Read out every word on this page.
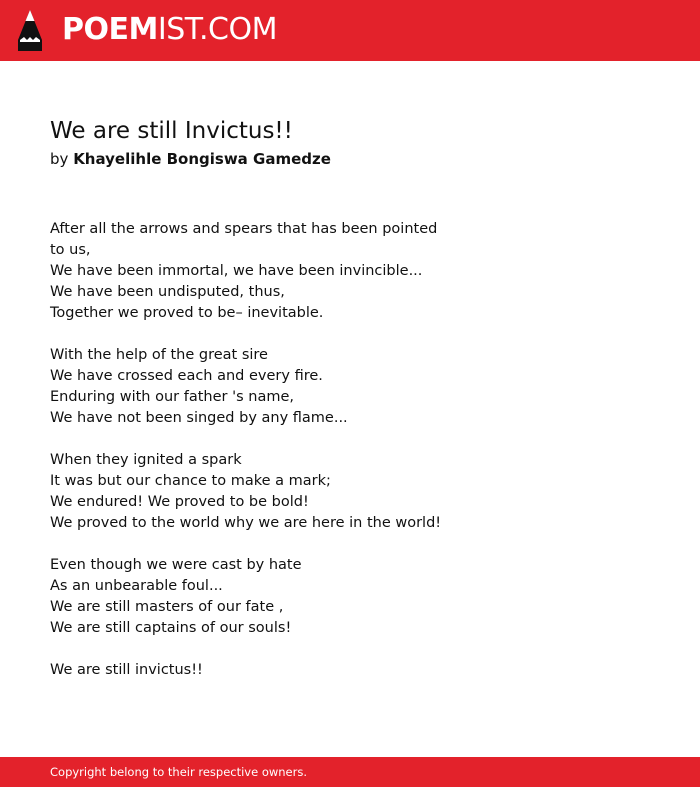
POEMIST.COM
We are still Invictus!!
by Khayelihle Bongiswa Gamedze
After all the arrows and spears that has been pointed
to us,
We have been immortal, we have been invincible...
We have been undisputed, thus,
Together we proved to be– inevitable.
With the help of the great sire
We have crossed each and every fire.
Enduring with our father 's name,
We have not been singed by any flame...
When they ignited a spark
It was but our chance to make a mark;
We endured! We proved to be bold!
We proved to the world why we are here in the world!
Even though we were cast by hate
As an unbearable foul...
We are still masters of our fate ,
We are still captains of our souls!
We are still invictus!!
Copyright belong to their respective owners.
